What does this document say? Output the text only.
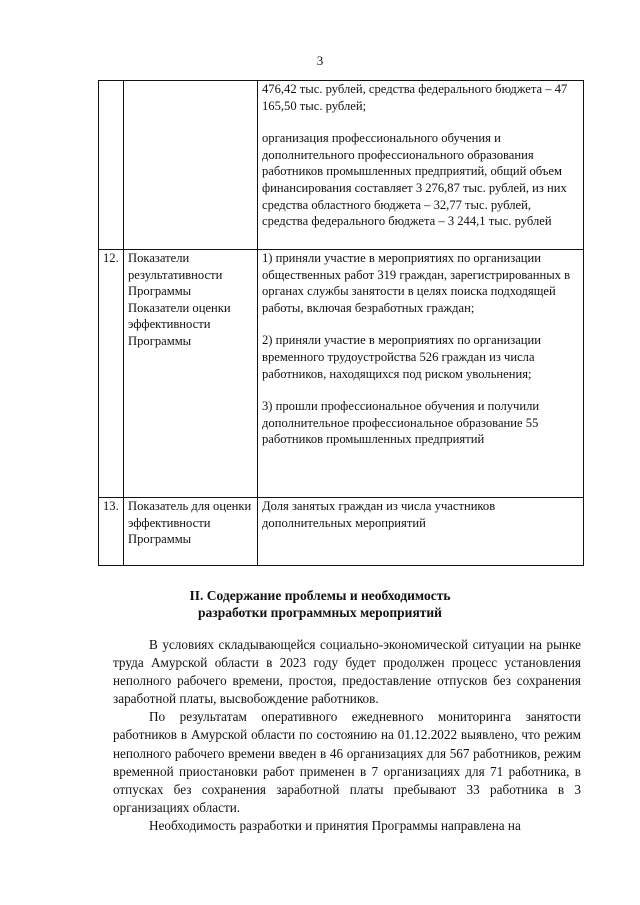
3

		476,42 тыс. рублей, средства федерального бюджета – 47 165,50 тыс. рублей;

организация профессионального обучения и дополнительного профессионального образования работников промышленных предприятий, общий объем финансирования составляет 3 276,87 тыс. рублей, из них средства областного бюджета – 32,77 тыс. рублей, средства федерального бюджета – 3 244,1 тыс. рублей

12.	Показатели результативности Программы Показатели оценки эффективности Программы	1) приняли участие в мероприятиях по организации общественных работ 319 граждан, зарегистрированных в органах службы занятости в целях поиска подходящей работы, включая безработных граждан;

2) приняли участие в мероприятиях по организации временного трудоустройства 526 граждан из числа работников, находящихся под риском увольнения;

3) прошли профессиональное обучения и получили дополнительное профессиональное образование 55 работников промышленных предприятий

13.	Показатель для оценки эффективности Программы	Доля занятых граждан из числа участников дополнительных мероприятий
II. Содержание проблемы и необходимость
разработки программных мероприятий

В условиях складывающейся социально-экономической ситуации на рынке труда Амурской области в 2023 году будет продолжен процесс установления неполного рабочего времени, простоя, предоставление отпусков без сохранения заработной платы, высвобождение работников.

По результатам оперативного ежедневного мониторинга занятости работников в Амурской области по состоянию на 01.12.2022 выявлено, что режим неполного рабочего времени введен в 46 организациях для 567 работников, режим временной приостановки работ применен в 7 организациях для 71 работника, в отпусках без сохранения заработной платы пребывают 33 работника в 3 организациях области.

Необходимость разработки и принятия Программы направлена на
